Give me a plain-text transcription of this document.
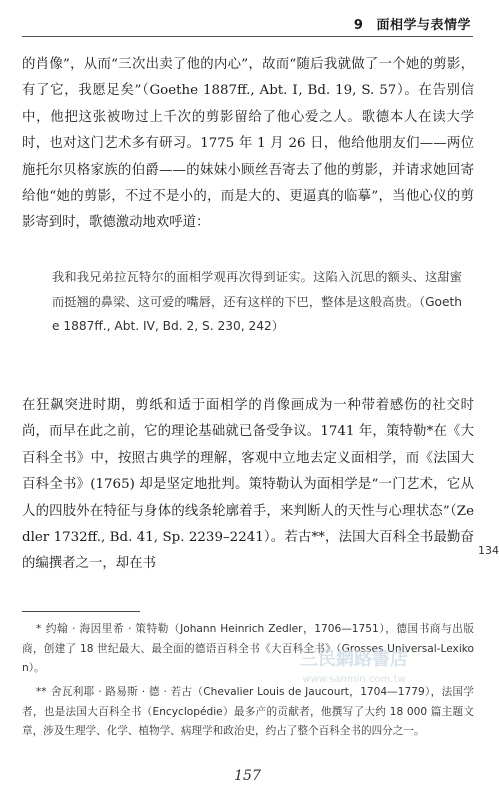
9 面相学与表情学
的肖像”，从而“三次出卖了他的内心”，故而“随后我就做了一个她的剪影，有了它，我愿足矣”（Goethe 1887ff., Abt. Ⅰ, Bd. 19, S. 57）。在告别信中，他把这张被吻过上千次的剪影留给了他心爱之人。歌德本人在读大学时，也对这门艺术多有研习。1775 年 1 月 26 日，他给他朋友们——两位施托尔贝格家族的伯爵——的妹妹小顾丝吾寄去了他的剪影，并请求她回寄给他“她的剪影，不过不是小的，而是大的、更逼真的临摹”，当他心仪的剪影寄到时，歌德激动地欢呼道：
我和我兄弟拉瓦特尔的面相学观再次得到证实。这陷入沉思的额头、这甜蜜而挺翘的鼻梁、这可爱的嘴唇，还有这样的下巴，整体是这般高贵。（Goethe 1887ff., Abt. IV, Bd. 2, S. 230, 242）
在狂飙突进时期，剪纸和适于面相学的肖像画成为一种带着感伤的社交时尚，而早在此之前，它的理论基础就已备受争议。1741 年，策特勒*在《大百科全书》中，按照古典学的理解，客观中立地去定义面相学，而《法国大百科全书》(1765) 却是坚定地批判。策特勒认为面相学是“一门艺术，它从人的四肢外在特征与身体的线条轮廓着手，来判断人的天性与心理状态”（Zedler 1732ff., Bd. 41, Sp. 2239–2241）。若古**，法国大百科全书最勤奋的编撰者之一，却在书
134
* 约翰 · 海因里希 · 策特勒（Johann Heinrich Zedler，1706—1751），德国书商与出版商，创建了 18 世纪最大、最全面的德语百科全书《大百科全书》（Grosses Universal-Lexikon）。
** 舍瓦利耶 · 路易斯 · 德 · 若古（Chevalier Louis de Jaucourt，1704—1779），法国学者，也是法国大百科全书（Encyclopédie）最多产的贡献者，他撰写了大约 18 000 篇主题文章，涉及生理学、化学、植物学、病理学和政治史，约占了整个百科全书的四分之一。
三民網路書店
www.sanmin.com.tw
157
